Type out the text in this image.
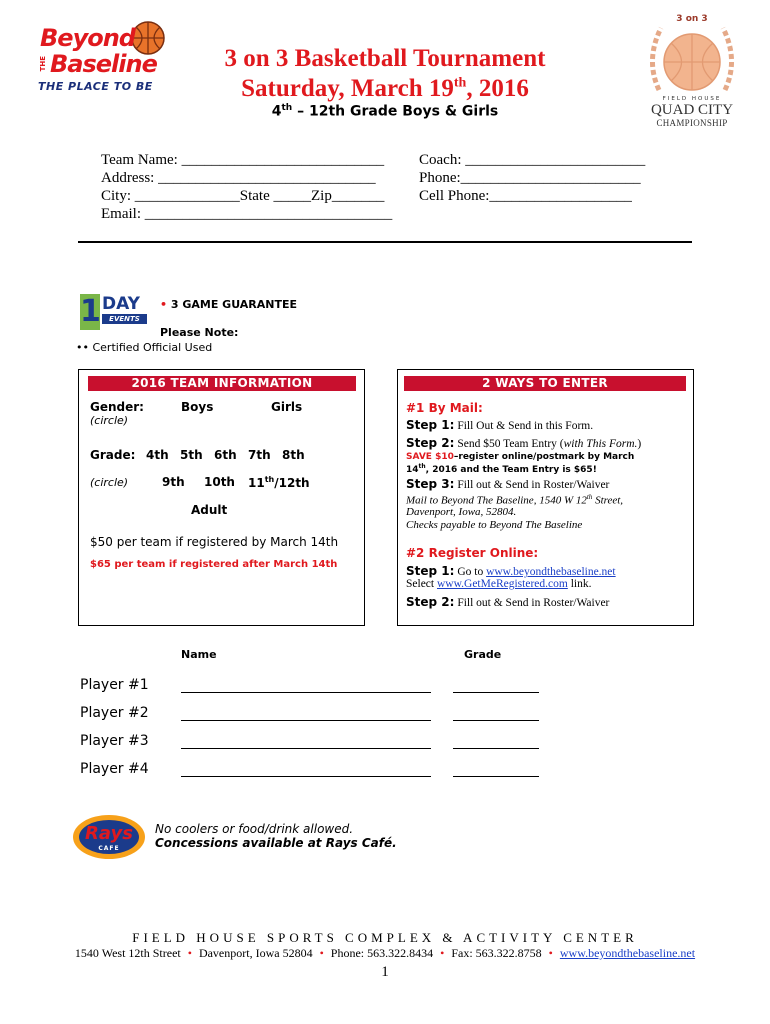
Beyond
THE Baseline
THE PLACE TO BE
3 on 3
FIELD HOUSE
QUAD CITY
CHAMPIONSHIP
3 on 3 Basketball Tournament
Saturday, March 19th, 2016
4th – 12th Grade Boys & Girls
Team Name: ___________________________
Address: _____________________________
City: ______________State _____Zip_______
Email: _________________________________
Coach: ________________________
Phone:________________________
Cell Phone:___________________
1 DAY
EVENTS
• 3 GAME GUARANTEE
Please Note:
•• Certified Official Used
2016 TEAM INFORMATION
Gender:
(circle)
Boys	Girls
Grade: 4th 5th 6th 7th 8th
(circle)	9th 10th 11th/12th
Adult
$50 per team if registered by March 14th
$65 per team if registered after March 14th
2 WAYS TO ENTER
#1 By Mail:
Step 1: Fill Out & Send in this Form.
Step 2: Send $50 Team Entry (with This Form.)
SAVE $10–register online/postmark by March
14th, 2016 and the Team Entry is $65!
Step 3: Fill out & Send in Roster/Waiver
Mail to Beyond The Baseline, 1540 W 12th Street,
Davenport, Iowa, 52804.
Checks payable to Beyond The Baseline
#2 Register Online:
Step 1: Go to www.beyondthebaseline.net
Select www.GetMeRegistered.com link.
Step 2: Fill out & Send in Roster/Waiver
Name	Grade
Player #1
Player #2
Player #3
Player #4
Rays
CAFE
No coolers or food/drink allowed.
Concessions available at Rays Café.
FIELD HOUSE SPORTS COMPLEX & ACTIVITY CENTER
1540 West 12th Street • Davenport, Iowa 52804 • Phone: 563.322.8434 • Fax: 563.322.8758 • www.beyondthebaseline.net
1
